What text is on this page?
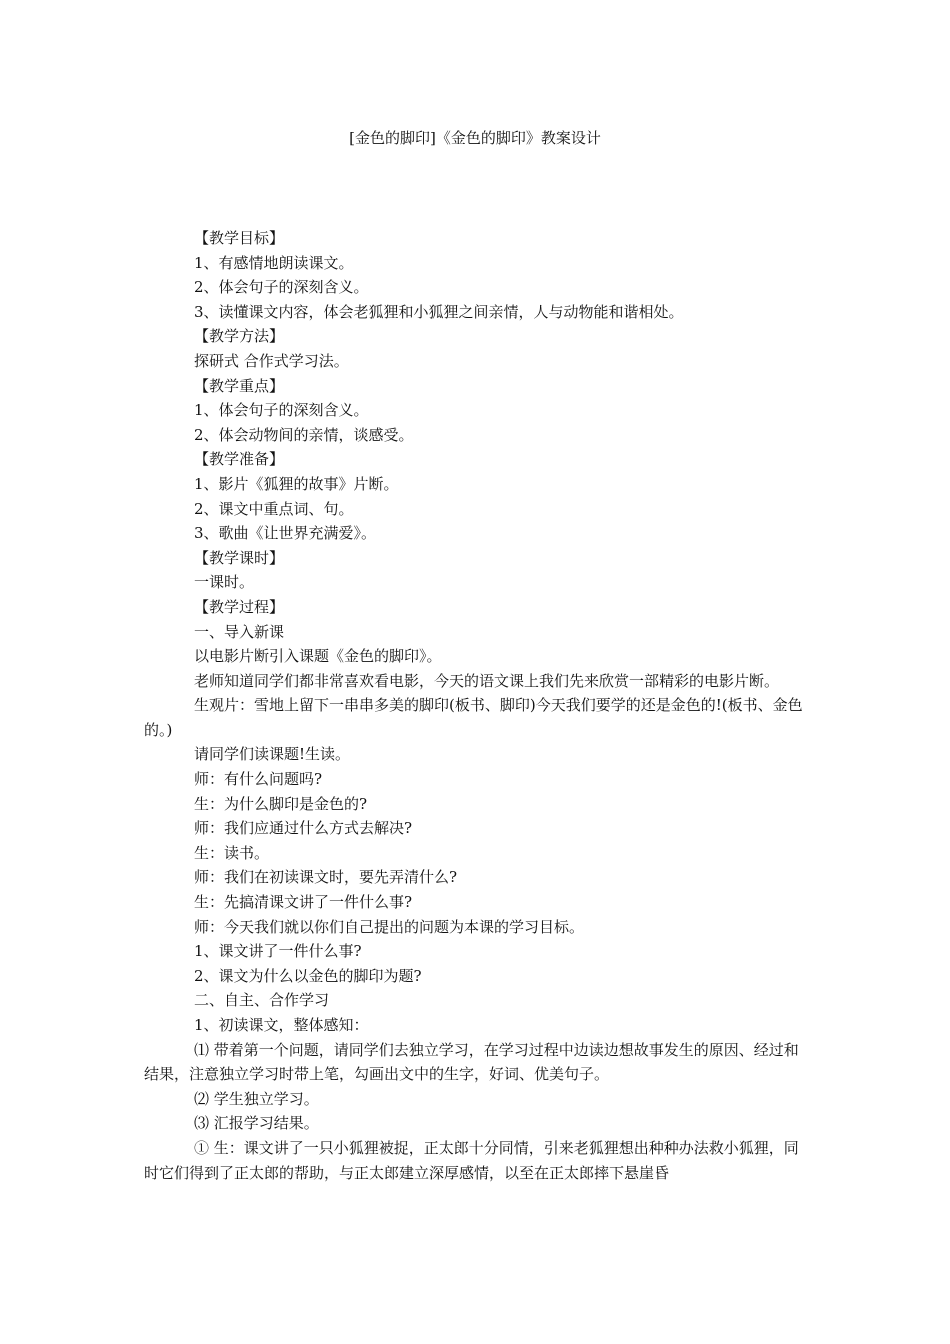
[金色的脚印]《金色的脚印》教案设计

【教学目标】

1、有感情地朗读课文。

2、体会句子的深刻含义。

3、读懂课文内容，体会老狐狸和小狐狸之间亲情，人与动物能和谐相处。

【教学方法】

探研式 合作式学习法。

【教学重点】

1、体会句子的深刻含义。

2、体会动物间的亲情，谈感受。

【教学准备】

1、影片《狐狸的故事》片断。

2、课文中重点词、句。

3、歌曲《让世界充满爱》。

【教学课时】

一课时。

【教学过程】

一、导入新课

以电影片断引入课题《金色的脚印》。

老师知道同学们都非常喜欢看电影，今天的语文课上我们先来欣赏一部精彩的电影片断。

生观片：雪地上留下一串串多美的脚印(板书、脚印)今天我们要学的还是金色的!(板书、金色的。)

请同学们读课题!生读。

师：有什么问题吗?

生：为什么脚印是金色的?

师：我们应通过什么方式去解决?

生：读书。

师：我们在初读课文时，要先弄清什么?

生：先搞清课文讲了一件什么事?

师：今天我们就以你们自己提出的问题为本课的学习目标。

1、课文讲了一件什么事?

2、课文为什么以金色的脚印为题?

二、自主、合作学习

1、初读课文，整体感知：

⑴ 带着第一个问题，请同学们去独立学习，在学习过程中边读边想故事发生的原因、经过和结果，注意独立学习时带上笔，勾画出文中的生字，好词、优美句子。

⑵ 学生独立学习。

⑶ 汇报学习结果。

① 生：课文讲了一只小狐狸被捉，正太郎十分同情，引来老狐狸想出种种办法救小狐狸，同时它们得到了正太郎的帮助，与正太郎建立深厚感情，以至在正太郎摔下悬崖昏
